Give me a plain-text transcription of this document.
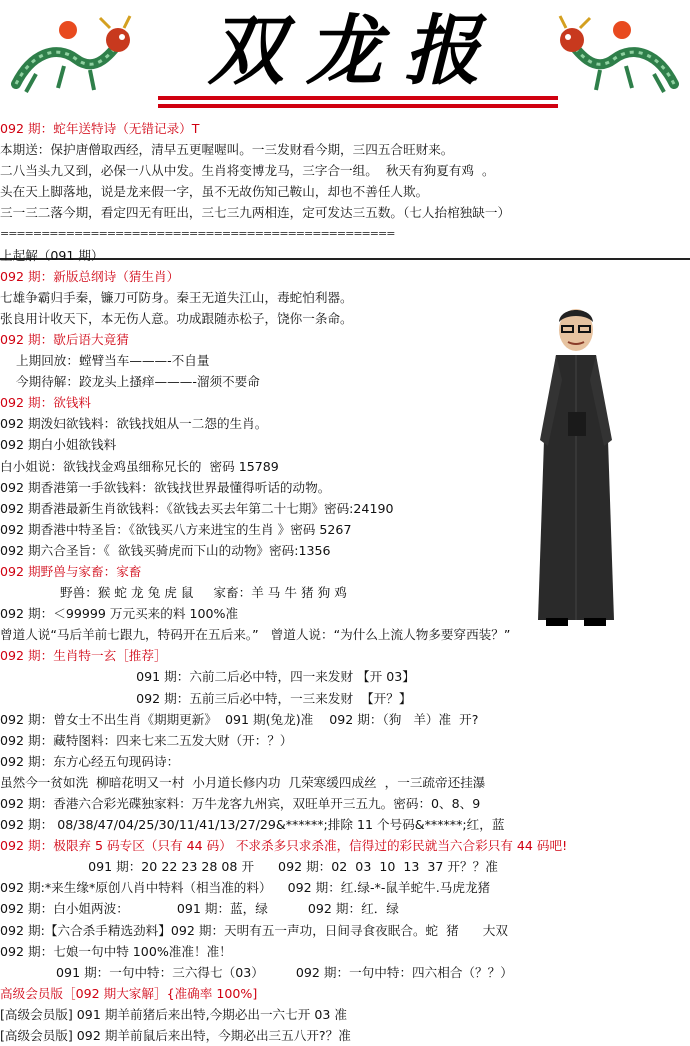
双龙报
092 期：蛇年送特诗（无错记录）T
本期送：保护唐僧取西经，清早五更喔喔叫。一三发财看今期，三四五合旺财来。
二八当头九又到，必保一八从中发。生肖将变博龙马，三字合一组。  秋天有狗夏有鸡  。
头在天上脚落地，说是龙来假一字，虽不无故伤知己鞍山，却也不善任人欺。
三一三二落今期，看定四无有旺出，三七三九两相连，定可发达三五数。（七人抬棺独缺一）
================================================
上起解（091 期）
092 期：新版总纲诗（猜生肖）
七雄争霸归手秦，镰刀可防身。秦王无道失江山，毒蛇怕利器。
张良用计收天下，本无伤人意。功成跟随赤松子，饶你一条命。
092 期：歇后语大竟猜
上期回放：螳臂当车———-不自量
今期待解：跤龙头上搔痒———-溜须不要命
092 期：欲钱料
092 期泼妇欲钱料：欲钱找姐从一二怨的生肖。
092 期白小姐欲钱料
白小姐说：欲钱找金鸡虽细称兄长的  密码 15789
092 期香港第一手欲钱料：欲钱找世界最懂得听话的动物。
092 期香港最新生肖欲钱料：《欲钱去买去年第二十七期》密码:24190
092 期香港中特圣旨：《欲钱买八方来进宝的生肖 》密码 5267
092 期六合圣旨：《  欲钱买骑虎而下山的动物》密码:1356
092 期野兽与家畜：家畜
野兽：猴 蛇 龙 兔 虎 鼠     家畜：羊 马 牛 猪 狗 鸡
092 期：＜99999 万元买来的料 100%准
曾道人说“马后羊前七跟九，特码开在五后来。”   曾道人说：“为什么上流人物多要穿西装？”
092 期：生肖特一玄［推荐］
091 期：六前二后必中特，四一来发财 【开 03】
092 期：五前三后必中特，一三来发财  【开？】
092 期：曾女士不出生肖《期期更新》  091 期(兔龙)准    092 期：（狗   羊）准  开?
092 期：藏特图料：四来七来二五发大财（开：？）
092 期：东方心经五句现码诗：
虽然今一贫如洗  柳暗花明又一村  小月道长修内功  几荣寒缓四成丝  ，一三疏帝还挂瀑
092 期：香港六合彩光碟独家料：万牛龙客九州宾，双旺单开三五九。密码：0、8、9
092 期： 08/38/47/04/25/30/11/41/13/27/29&******;排除 11 个号码&******;红，蓝
092 期：极限弃 5 码专区（只有 44 码） 不求杀多只求杀准，信得过的彩民就当六合彩只有 44 码吧!
091 期：20 22 23 28 08 开      092 期：02  03  10  13  37 开？？准
092 期:*来生缘*原创八肖中特料（相当准的料）    092 期：红.绿-*-鼠羊蛇牛.马虎龙猪
092 期：白小姐两波：            091 期：蓝，绿          092 期：红．绿
092 期:【六合杀手精选劲料】092 期：天明有五一声功，日间寻食夜眠合。蛇  猪      大双
092 期：七娘一句中特 100%准准！准！
091 期：一句中特：三六得七（03）        092 期：一句中特：四六相合（？？）
高级会员版［092 期大家解］{准确率 100%]
[高级会员版] 091 期羊前猪后来出特,今期必出一六七开 03 准
[高级会员版] 092 期羊前鼠后来出特，今期必出三五八开?？准
